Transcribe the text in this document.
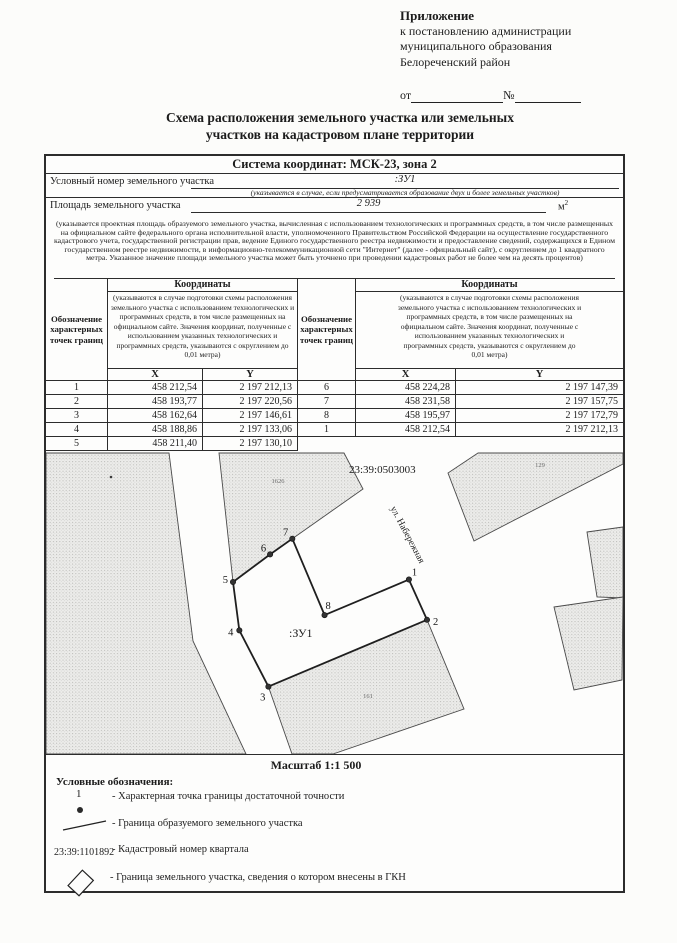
Приложение
к постановлению администрации
муниципального образования
Белореченский район
от	№
Схема расположения земельного участка или земельных
участков на кадастровом плане территории
Система координат: МСК-23, зона 2
Условный номер земельного участка	:ЗУ1
(указывается в случае, если предусматривается образование двух и более земельных участков)
Площадь земельного участка	2 939	$м^2$
(указывается проектная площадь образуемого земельного участка, вычисленная с использованием технологических и программных средств, в том числе размещенных на официальном сайте федерального органа исполнительной власти, уполномоченного Правительством Российской Федерации на осуществление государственного кадастрового учета, государственной регистрации прав, ведение Единого государственного реестра недвижимости и предоставление сведений, содержащихся в Едином государственном реестре недвижимости, в информационно-телекоммуникационной сети "Интернет" (далее - официальный сайт), с округлением до 1 квадратного метра. Указанное значение площади земельного участка может быть уточнено при проведении кадастровых работ не более чем на десять процентов)
Обозначение характерных точек границ
Координаты
(указываются в случае подготовки схемы расположения земельного участка с использованием технологических и программных средств, в том числе размещенных на официальном сайте. Значения координат, полученные с использованием указанных технологических и программных средств, указываются с округлением до 0,01 метра)
X	Y
1	458 212,54	2 197 212,13
2	458 193,77	2 197 220,56
3	458 162,64	2 197 146,61
4	458 188,86	2 197 133,06
5	458 211,40	2 197 130,10
Обозначение характерных точек границ
Координаты
(указываются в случае подготовки схемы расположения земельного участка с использованием технологических и программных средств, в том числе размещенных на официальном сайте. Значения координат, полученные с использованием указанных технологических и программных средств, указываются с округлением до 0,01 метра)
X	Y
6	458 224,28	2 197 147,39
7	458 231,58	2 197 157,75
8	458 195,97	2 197 172,79
1	458 212,54	2 197 212,13
1
2
3
4
5
6
7
8
23:39:0503003
:ЗУ1
1626
129
161
ул. Набережная
Масштаб 1:1 500
Условные обозначения:
1	- Характерная точка границы достаточной точности
- Граница образуемого земельного участка
23:39:1101892
- Кадастровый номер квартала
- Граница земельного участка, сведения о котором внесены в ГКН
